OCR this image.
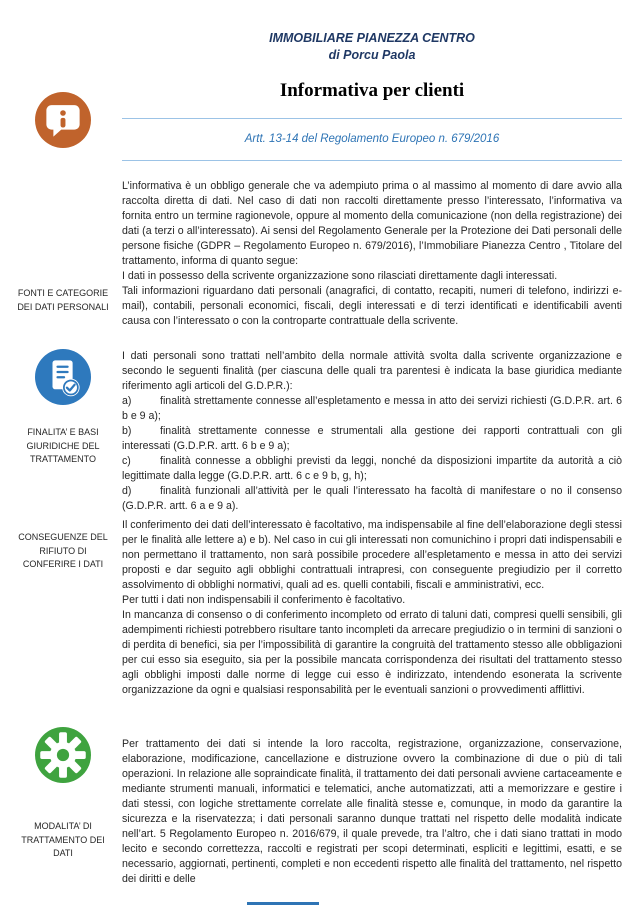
FONTI E CATEGORIE DEI DATI PERSONALI
FINALITA’ E BASI GIURIDICHE DEL TRATTAMENTO
CONSEGUENZE DEL RIFIUTO DI CONFERIRE I DATI
MODALITA’ DI TRATTAMENTO DEI DATI
IMMOBILIARE PIANEZZA CENTRO
di Porcu Paola
Informativa per clienti
Artt. 13-14 del Regolamento Europeo n. 679/2016

L’informativa è un obbligo generale che va adempiuto prima o al massimo al momento di dare avvio alla raccolta diretta di dati. Nel caso di dati non raccolti direttamente presso l’interessato, l’informativa va fornita entro un termine ragionevole, oppure al momento della comunicazione (non della registrazione) dei dati (a terzi o all’interessato). Ai sensi del Regolamento Generale per la Protezione dei Dati personali delle persone fisiche (GDPR – Regolamento Europeo n. 679/2016), l’Immobiliare Pianezza Centro , Titolare del trattamento, informa di quanto segue:

I dati in possesso della scrivente organizzazione sono rilasciati direttamente dagli interessati.

Tali informazioni riguardano dati personali (anagrafici, di contatto, recapiti, numeri di telefono, indirizzi e-mail), contabili, personali economici, fiscali, degli interessati e di terzi identificati e identificabili aventi causa con l’interessato o con la controparte contrattuale della scrivente.

I dati personali sono trattati nell’ambito della normale attività svolta dalla scrivente organizzazione e secondo le seguenti finalità (per ciascuna delle quali tra parentesi è indicata la base giuridica mediante riferimento agli articoli del G.D.P.R.):

a)	finalità strettamente connesse all’espletamento e messa in atto dei servizi richiesti (G.D.P.R. art. 6 b e 9 a);

b)	finalità strettamente connesse e strumentali alla gestione dei rapporti contrattuali con gli interessati (G.D.P.R. artt. 6 b e 9 a);

c)	finalità connesse a obblighi previsti da leggi, nonché da disposizioni impartite da autorità a ciò legittimate dalla legge (G.D.P.R. artt. 6 c e 9 b, g, h);

d)	finalità funzionali all’attività per le quali l’interessato ha facoltà di manifestare o no il consenso (G.D.P.R. artt. 6 a e 9 a).

Il conferimento dei dati dell’interessato è facoltativo, ma indispensabile al fine dell’elaborazione degli stessi per le finalità alle lettere a) e b). Nel caso in cui gli interessati non comunichino i propri dati indispensabili e non permettano il trattamento, non sarà possibile procedere all’espletamento e messa in atto dei servizi proposti e dar seguito agli obblighi contrattuali intrapresi, con conseguente pregiudizio per il corretto assolvimento di obblighi normativi, quali ad es. quelli contabili, fiscali e amministrativi, ecc.

Per tutti i dati non indispensabili il conferimento è facoltativo.

In mancanza di consenso o di conferimento incompleto od errato di taluni dati, compresi quelli sensibili, gli adempimenti richiesti potrebbero risultare tanto incompleti da arrecare pregiudizio o in termini di sanzioni o di perdita di benefici, sia per l’impossibilità di garantire la congruità del trattamento stesso alle obbligazioni per cui esso sia eseguito, sia per la possibile mancata corrispondenza dei risultati del trattamento stesso agli obblighi imposti dalle norme di legge cui esso è indirizzato, intendendo esonerata la scrivente organizzazione da ogni e qualsiasi responsabilità per le eventuali sanzioni o provvedimenti afflittivi.

Per trattamento dei dati si intende la loro raccolta, registrazione, organizzazione, conservazione, elaborazione, modificazione, cancellazione e distruzione ovvero la combinazione di due o più di tali operazioni. In relazione alle sopraindicate finalità, il trattamento dei dati personali avviene cartaceamente e mediante strumenti manuali, informatici e telematici, anche automatizzati, atti a memorizzare e gestire i dati stessi, con logiche strettamente correlate alle finalità stesse e, comunque, in modo da garantire la sicurezza e la riservatezza; i dati personali saranno dunque trattati nel rispetto delle modalità indicate nell’art. 5 Regolamento Europeo n. 2016/679, il quale prevede, tra l’altro, che i dati siano trattati in modo lecito e secondo correttezza, raccolti e registrati per scopi determinati, espliciti e legittimi, esatti, e se necessario, aggiornati, pertinenti, completi e non eccedenti rispetto alle finalità del trattamento, nel rispetto dei diritti e delle
